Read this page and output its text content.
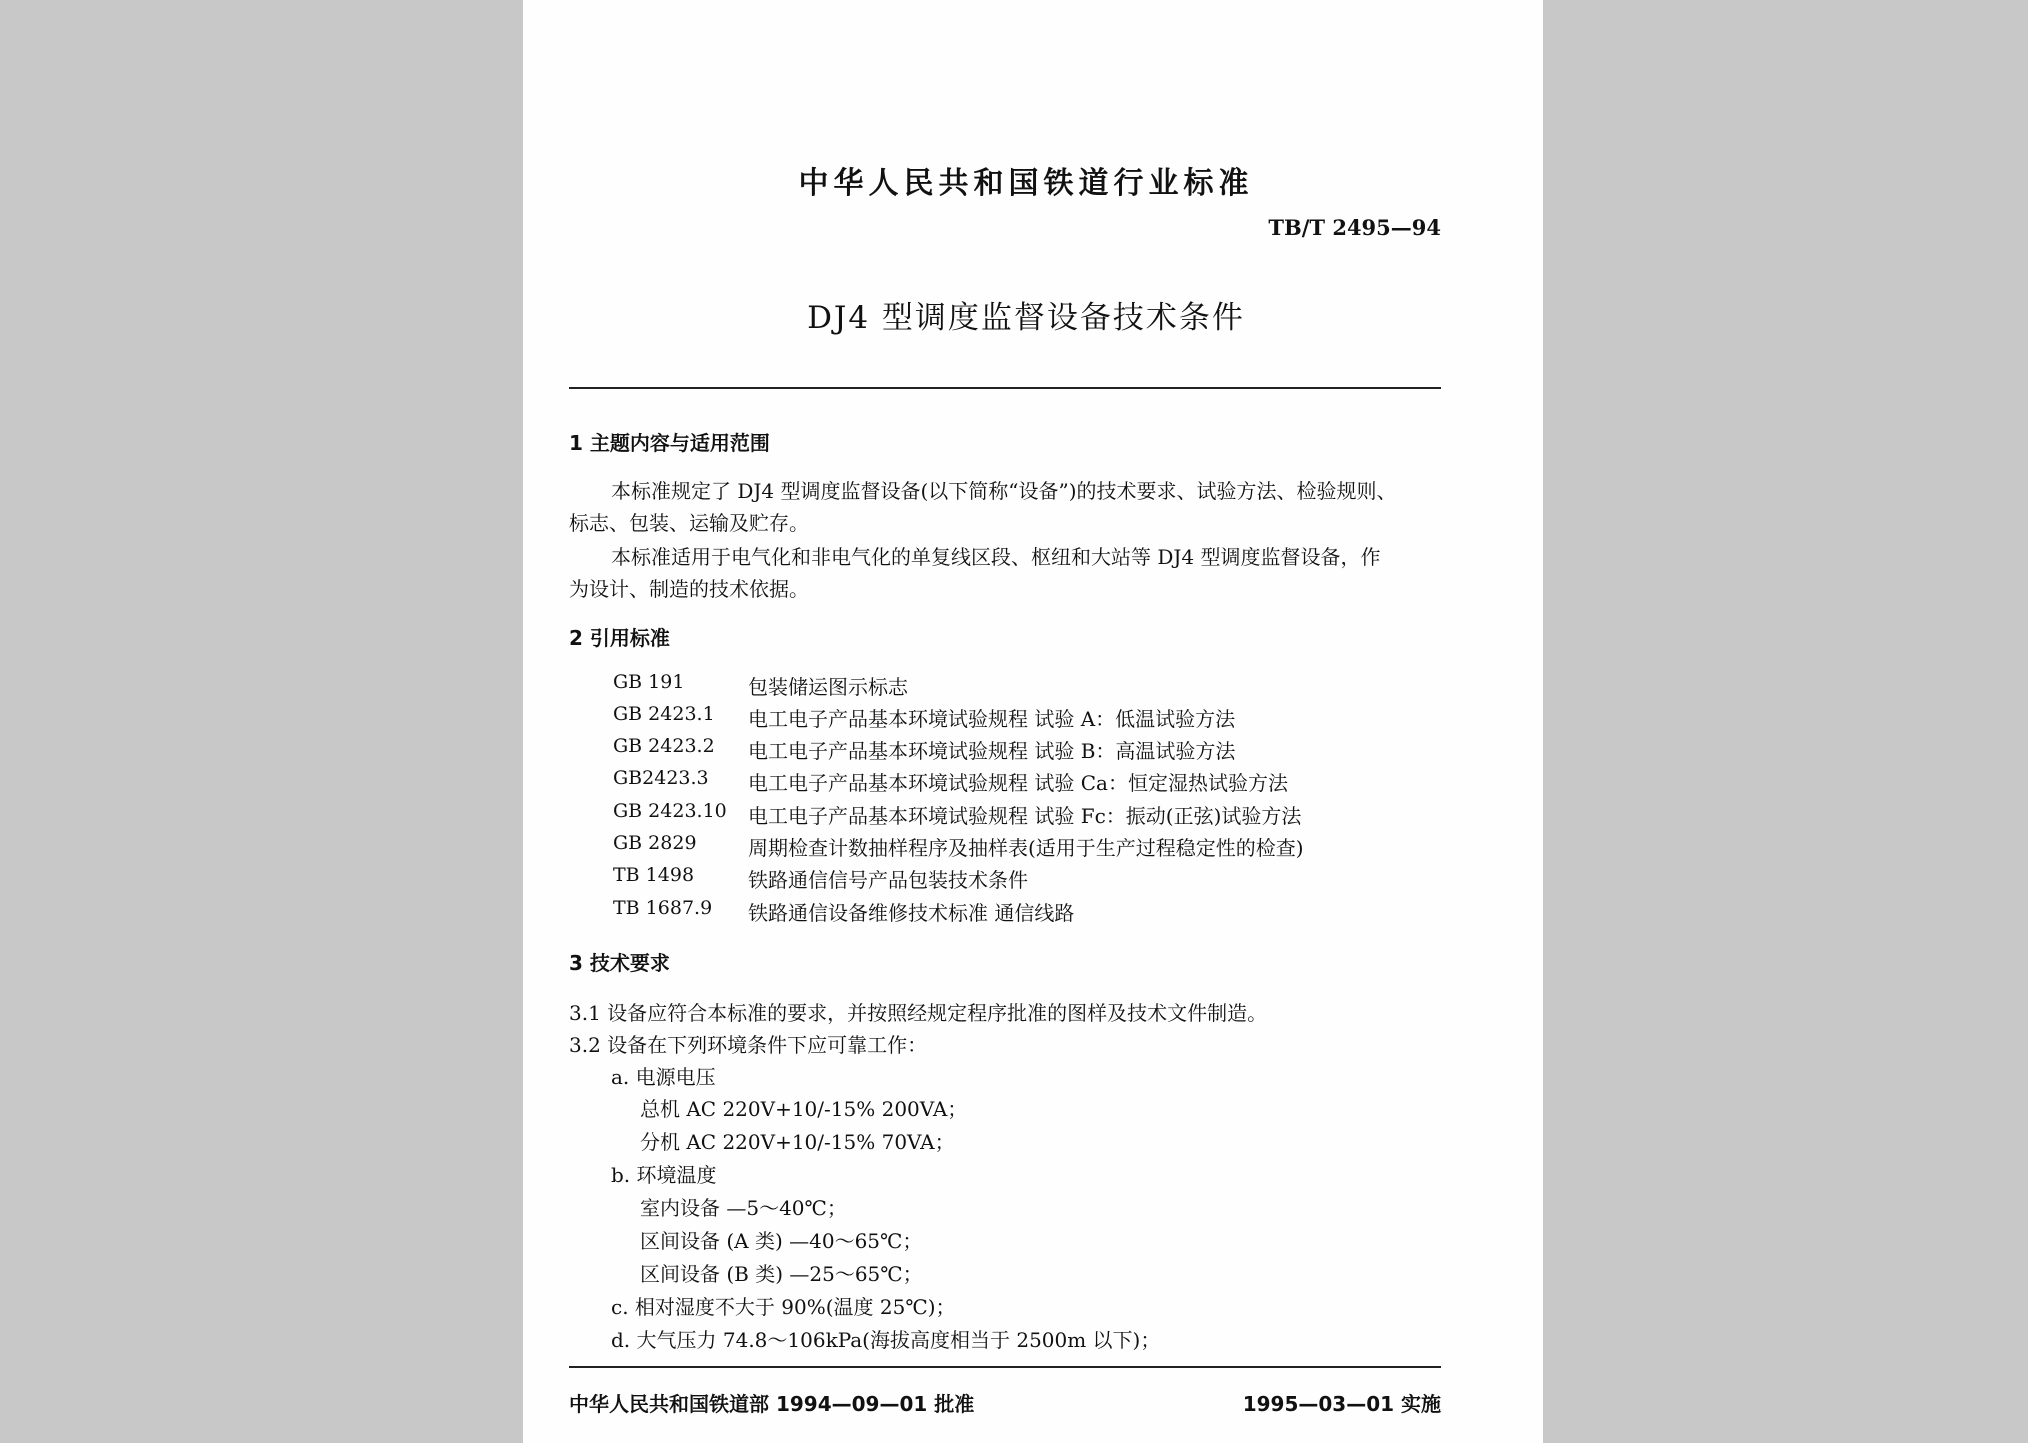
中华人民共和国铁道行业标准
TB/T 2495—94
DJ4 型调度监督设备技术条件
1 主题内容与适用范围
本标准规定了 DJ4 型调度监督设备(以下简称“设备”)的技术要求、试验方法、检验规则、
标志、包装、运输及贮存。
本标准适用于电气化和非电气化的单复线区段、枢纽和大站等 DJ4 型调度监督设备，作
为设计、制造的技术依据。
2 引用标准
GB 191	包装储运图示标志
GB 2423.1 电工电子产品基本环境试验规程 试验 A：低温试验方法
GB 2423.2 电工电子产品基本环境试验规程 试验 B：高温试验方法
GB2423.3 电工电子产品基本环境试验规程 试验 Ca：恒定湿热试验方法
GB 2423.10 电工电子产品基本环境试验规程 试验 Fc：振动(正弦)试验方法
GB 2829	周期检查计数抽样程序及抽样表(适用于生产过程稳定性的检查)
TB 1498	铁路通信信号产品包装技术条件
TB 1687.9 铁路通信设备维修技术标准 通信线路
3 技术要求
3.1 设备应符合本标准的要求，并按照经规定程序批准的图样及技术文件制造。
3.2 设备在下列环境条件下应可靠工作：
a. 电源电压
总机 AC 220V+10/-15% 200VA；
分机 AC 220V+10/-15% 70VA；
b. 环境温度
室内设备 —5～40℃；
区间设备 (A 类) —40～65℃；
区间设备 (B 类) —25～65℃；
c. 相对湿度不大于 90%(温度 25℃)；
d. 大气压力 74.8～106kPa(海拔高度相当于 2500m 以下)；
中华人民共和国铁道部 1994—09—01 批准	1995—03—01 实施
